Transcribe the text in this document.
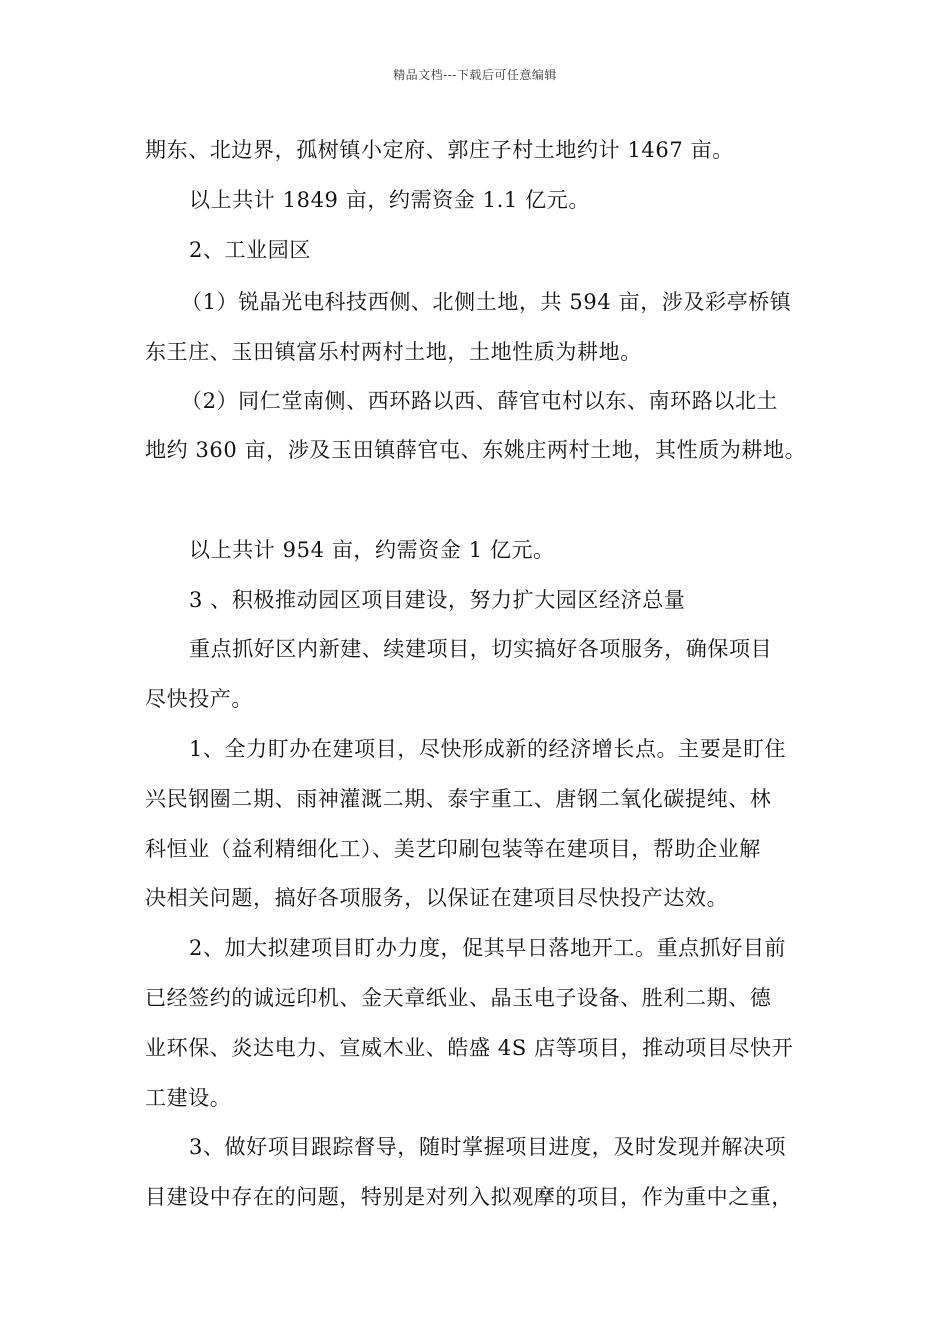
精品文档---下载后可任意编辑
期东、北边界，孤树镇小定府、郭庄子村土地约计 1467 亩。
以上共计 1849 亩，约需资金 1.1 亿元。
2、工业园区
（1）锐晶光电科技西侧、北侧土地，共 594 亩，涉及彩亭桥镇
东王庄、玉田镇富乐村两村土地，土地性质为耕地。
（2）同仁堂南侧、西环路以西、薛官屯村以东、南环路以北土
地约 360 亩，涉及玉田镇薛官屯、东姚庄两村土地，其性质为耕地。
以上共计 954 亩，约需资金 1 亿元。
3 、积极推动园区项目建设，努力扩大园区经济总量
重点抓好区内新建、续建项目，切实搞好各项服务，确保项目
尽快投产。
1、全力盯办在建项目，尽快形成新的经济增长点。主要是盯住
兴民钢圈二期、雨神灌溉二期、泰宇重工、唐钢二氧化碳提纯、林
科恒业（益利精细化工）、美艺印刷包装等在建项目，帮助企业解
决相关问题，搞好各项服务，以保证在建项目尽快投产达效。
2、加大拟建项目盯办力度，促其早日落地开工。重点抓好目前
已经签约的诚远印机、金天章纸业、晶玉电子设备、胜利二期、德
业环保、炎达电力、宣威木业、皓盛 4S 店等项目，推动项目尽快开
工建设。
3、做好项目跟踪督导，随时掌握项目进度，及时发现并解决项
目建设中存在的问题，特别是对列入拟观摩的项目，作为重中之重，
